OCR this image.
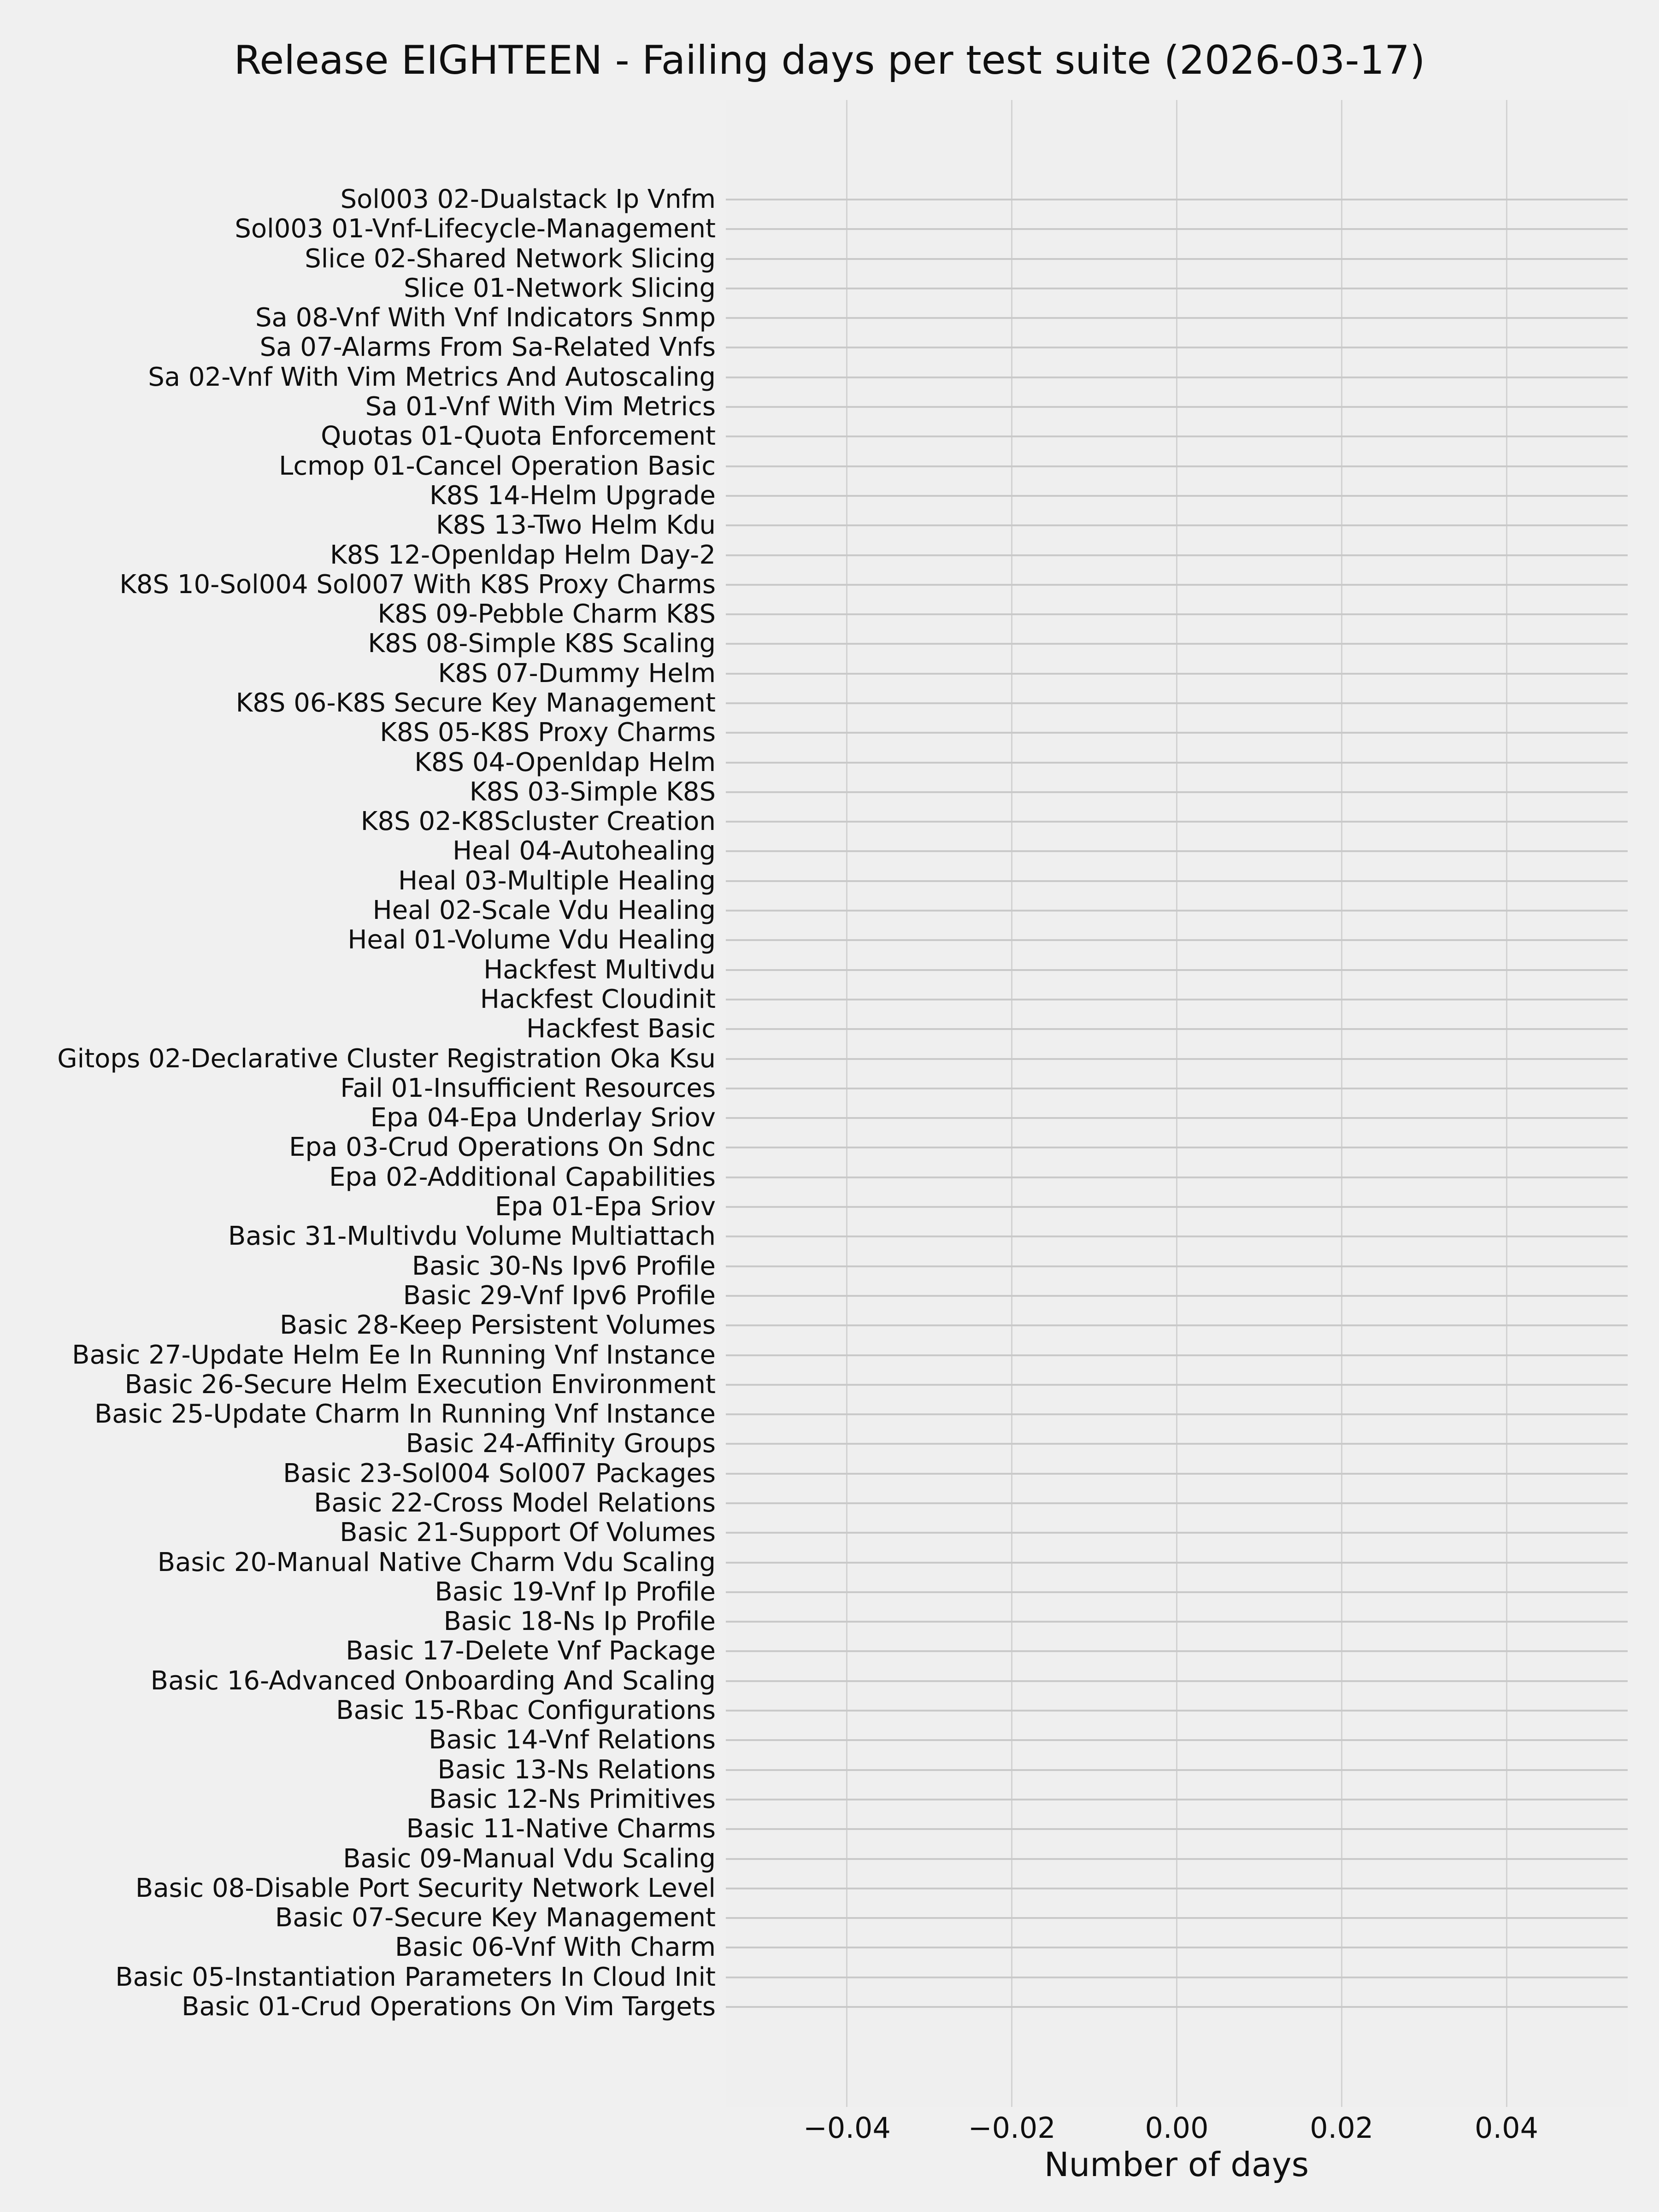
Release EIGHTEEN - Failing days per test suite (2026-03-17)
Number of days
−0.04	−0.02	0.00	0.02	0.04
Sol003 02-Dualstack Ip Vnfm
Sol003 01-Vnf-Lifecycle-Management
Slice 02-Shared Network Slicing
Slice 01-Network Slicing
Sa 08-Vnf With Vnf Indicators Snmp
Sa 07-Alarms From Sa-Related Vnfs
Sa 02-Vnf With Vim Metrics And Autoscaling
Sa 01-Vnf With Vim Metrics
Quotas 01-Quota Enforcement
Lcmop 01-Cancel Operation Basic
K8S 14-Helm Upgrade
K8S 13-Two Helm Kdu
K8S 12-Openldap Helm Day-2
K8S 10-Sol004 Sol007 With K8S Proxy Charms
K8S 09-Pebble Charm K8S
K8S 08-Simple K8S Scaling
K8S 07-Dummy Helm
K8S 06-K8S Secure Key Management
K8S 05-K8S Proxy Charms
K8S 04-Openldap Helm
K8S 03-Simple K8S
K8S 02-K8Scluster Creation
Heal 04-Autohealing
Heal 03-Multiple Healing
Heal 02-Scale Vdu Healing
Heal 01-Volume Vdu Healing
Hackfest Multivdu
Hackfest Cloudinit
Hackfest Basic
Gitops 02-Declarative Cluster Registration Oka Ksu
Fail 01-Insufficient Resources
Epa 04-Epa Underlay Sriov
Epa 03-Crud Operations On Sdnc
Epa 02-Additional Capabilities
Epa 01-Epa Sriov
Basic 31-Multivdu Volume Multiattach
Basic 30-Ns Ipv6 Profile
Basic 29-Vnf Ipv6 Profile
Basic 28-Keep Persistent Volumes
Basic 27-Update Helm Ee In Running Vnf Instance
Basic 26-Secure Helm Execution Environment
Basic 25-Update Charm In Running Vnf Instance
Basic 24-Affinity Groups
Basic 23-Sol004 Sol007 Packages
Basic 22-Cross Model Relations
Basic 21-Support Of Volumes
Basic 20-Manual Native Charm Vdu Scaling
Basic 19-Vnf Ip Profile
Basic 18-Ns Ip Profile
Basic 17-Delete Vnf Package
Basic 16-Advanced Onboarding And Scaling
Basic 15-Rbac Configurations
Basic 14-Vnf Relations
Basic 13-Ns Relations
Basic 12-Ns Primitives
Basic 11-Native Charms
Basic 09-Manual Vdu Scaling
Basic 08-Disable Port Security Network Level
Basic 07-Secure Key Management
Basic 06-Vnf With Charm
Basic 05-Instantiation Parameters In Cloud Init
Basic 01-Crud Operations On Vim Targets
